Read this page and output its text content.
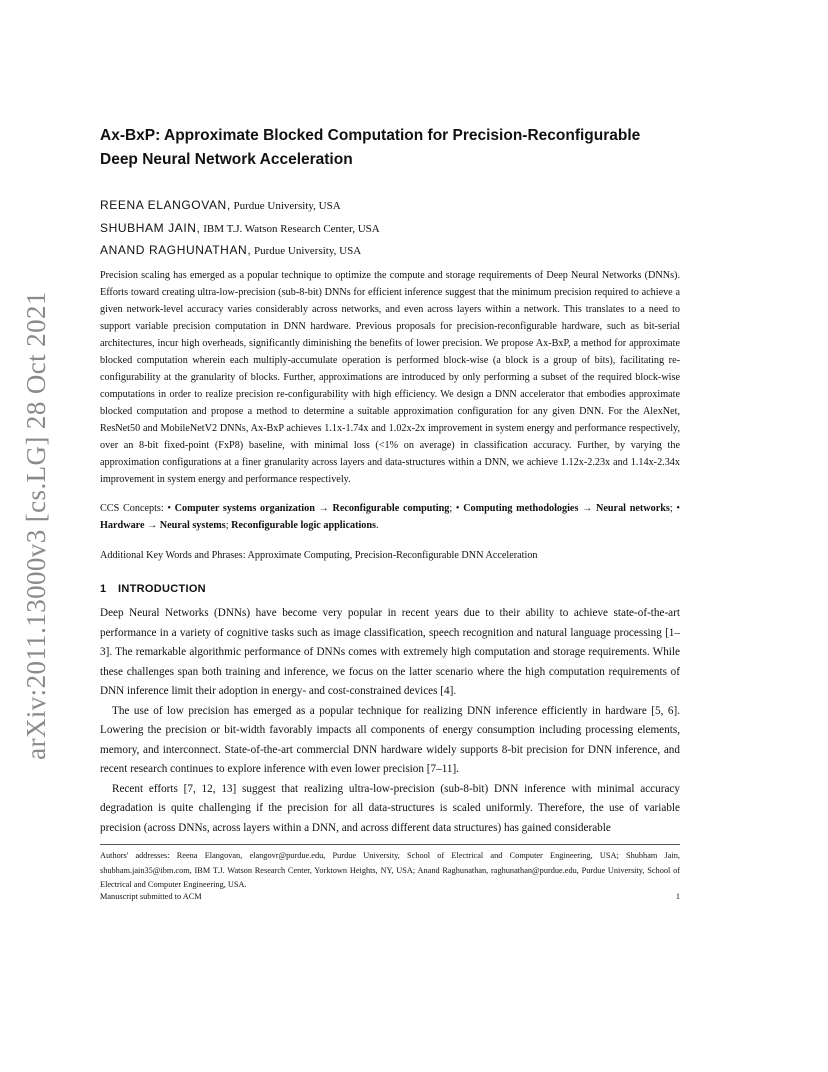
arXiv:2011.13000v3 [cs.LG] 28 Oct 2021
Ax-BxP: Approximate Blocked Computation for Precision-Reconfigurable
Deep Neural Network Acceleration
REENA ELANGOVAN, Purdue University, USA
SHUBHAM JAIN, IBM T.J. Watson Research Center, USA
ANAND RAGHUNATHAN, Purdue University, USA

Precision scaling has emerged as a popular technique to optimize the compute and storage requirements of Deep Neural Networks (DNNs). Efforts toward creating ultra-low-precision (sub-8-bit) DNNs for efficient inference suggest that the minimum precision required to achieve a given network-level accuracy varies considerably across networks, and even across layers within a network. This translates to a need to support variable precision computation in DNN hardware. Previous proposals for precision-reconfigurable hardware, such as bit-serial architectures, incur high overheads, significantly diminishing the benefits of lower precision. We propose Ax-BxP, a method for approximate blocked computation wherein each multiply-accumulate operation is performed block-wise (a block is a group of bits), facilitating re-configurability at the granularity of blocks. Further, approximations are introduced by only performing a subset of the required block-wise computations in order to realize precision re-configurability with high efficiency. We design a DNN accelerator that embodies approximate blocked computation and propose a method to determine a suitable approximation configuration for any given DNN. For the AlexNet, ResNet50 and MobileNetV2 DNNs, Ax-BxP achieves 1.1x-1.74x and 1.02x-2x improvement in system energy and performance respectively, over an 8-bit fixed-point (FxP8) baseline, with minimal loss (<1% on average) in classification accuracy. Further, by varying the approximation configurations at a finer granularity across layers and data-structures within a DNN, we achieve 1.12x-2.23x and 1.14x-2.34x improvement in system energy and performance respectively.

CCS Concepts: • Computer systems organization → Reconfigurable computing; • Computing methodologies → Neural networks; • Hardware → Neural systems; Reconfigurable logic applications.

Additional Key Words and Phrases: Approximate Computing, Precision-Reconfigurable DNN Acceleration

1 INTRODUCTION

Deep Neural Networks (DNNs) have become very popular in recent years due to their ability to achieve state-of-the-art performance in a variety of cognitive tasks such as image classification, speech recognition and natural language processing [1–3]. The remarkable algorithmic performance of DNNs comes with extremely high computation and storage requirements. While these challenges span both training and inference, we focus on the latter scenario where the high computation requirements of DNN inference limit their adoption in energy- and cost-constrained devices [4].

The use of low precision has emerged as a popular technique for realizing DNN inference efficiently in hardware [5, 6]. Lowering the precision or bit-width favorably impacts all components of energy consumption including processing elements, memory, and interconnect. State-of-the-art commercial DNN hardware widely supports 8-bit precision for DNN inference, and recent research continues to explore inference with even lower precision [7–11].

Recent efforts [7, 12, 13] suggest that realizing ultra-low-precision (sub-8-bit) DNN inference with minimal accuracy degradation is quite challenging if the precision for all data-structures is scaled uniformly. Therefore, the use of variable precision (across DNNs, across layers within a DNN, and across different data structures) has gained considerable

Authors' addresses: Reena Elangovan, elangovr@purdue.edu, Purdue University, School of Electrical and Computer Engineering, USA; Shubham Jain, shubham.jain35@ibm.com, IBM T.J. Watson Research Center, Yorktown Heights, NY, USA; Anand Raghunathan, raghunathan@purdue.edu, Purdue University, School of Electrical and Computer Engineering, USA.

Manuscript submitted to ACM	1
